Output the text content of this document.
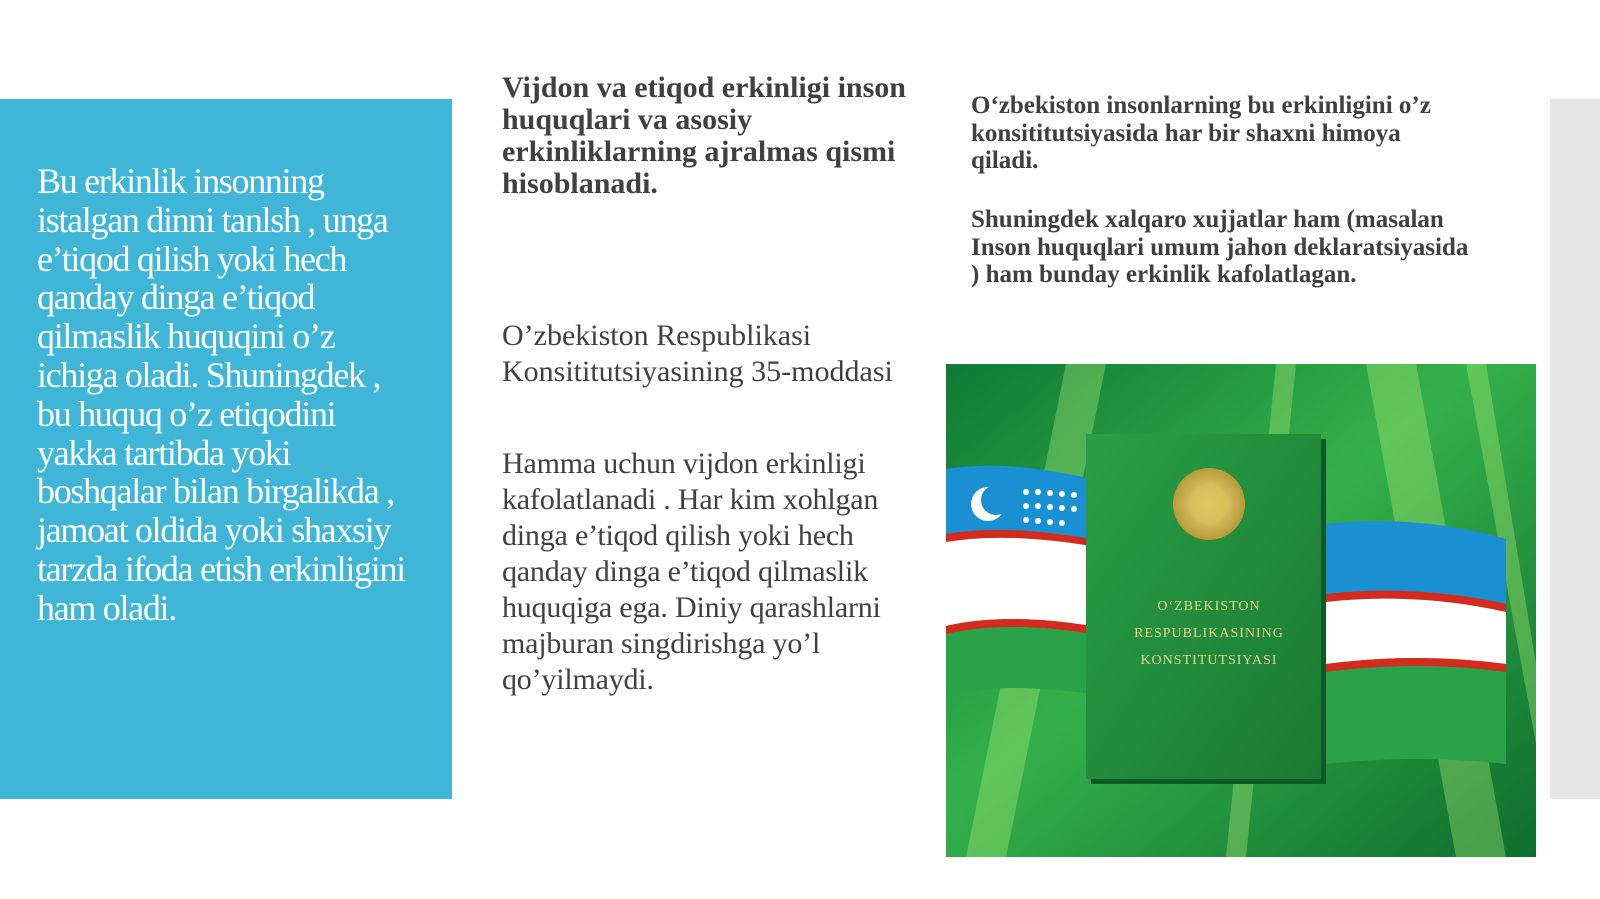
Bu erkinlik insonning istalgan dinni tanlsh , unga e’tiqod qilish yoki hech qanday dinga e’tiqod qilmaslik huquqini o’z ichiga oladi. Shuningdek , bu huquq o’z etiqodini yakka tartibda yoki boshqalar bilan birgalikda , jamoat oldida yoki shaxsiy tarzda ifoda etish erkinligini ham oladi.

Vijdon va etiqod erkinligi inson huquqlari va asosiy erkinliklarning ajralmas qismi hisoblanadi.

O’zbekiston Respublikasi Konsititutsiyasining 35-moddasi

Hamma uchun vijdon erkinligi kafolatlanadi . Har kim xohlgan dinga e’tiqod qilish yoki hech qanday dinga e’tiqod qilmaslik huquqiga ega. Diniy qarashlarni majburan singdirishga yo’l qo’yilmaydi.

O‘zbekiston insonlarning bu erkinligini o’z konsititutsiyasida har bir shaxni himoya qiladi.

Shuningdek xalqaro xujjatlar ham (masalan Inson huquqlari umum jahon deklaratsiyasida ) ham bunday erkinlik kafolatlagan.

O‘ZBEKISTON
RESPUBLIKASINING
KONSTITUTSIYASI
